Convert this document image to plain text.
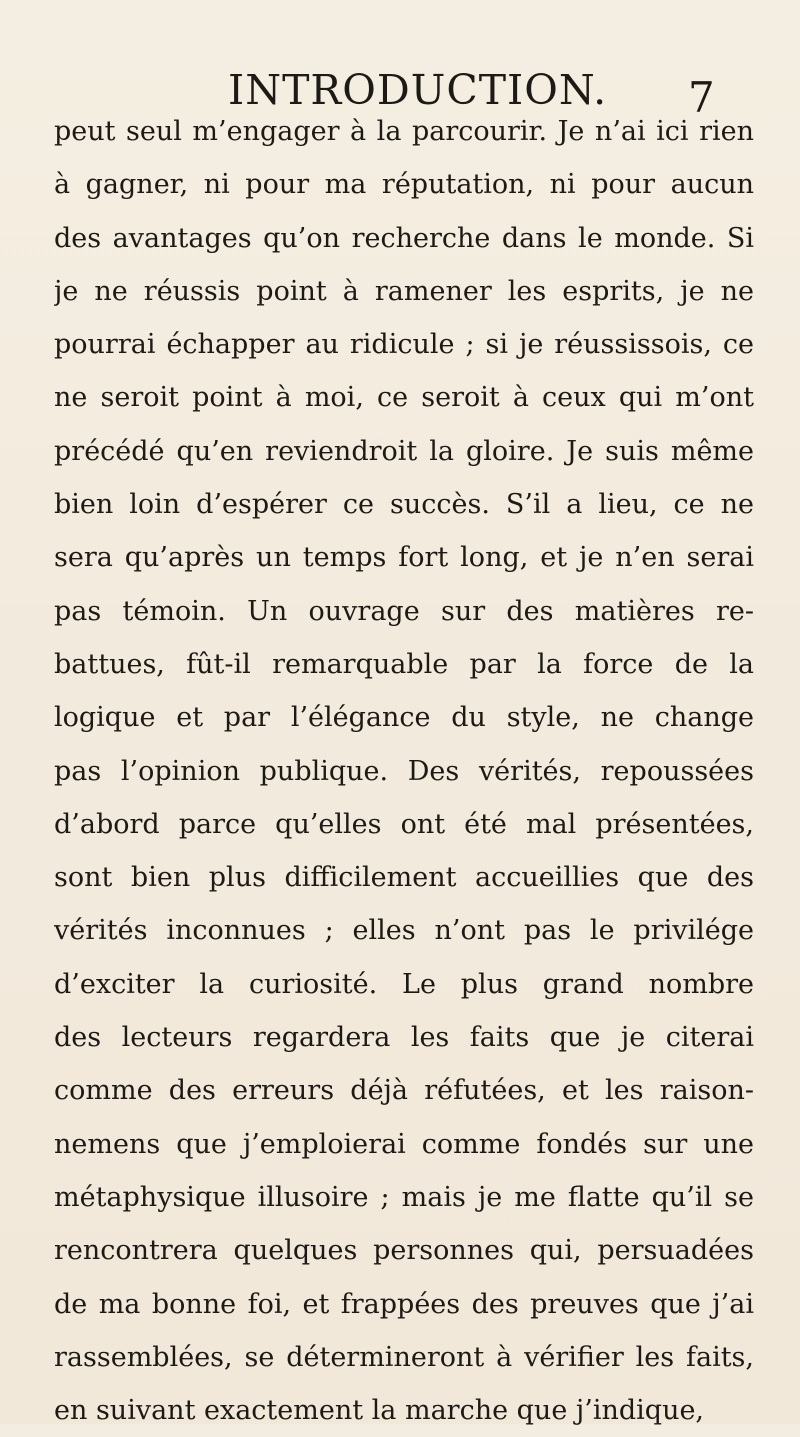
INTRODUCTION. 7
peut seul m’engager à la parcourir. Je n’ai ici rien
à gagner, ni pour ma réputation, ni pour aucun
des avantages qu’on recherche dans le monde. Si
je ne réussis point à ramener les esprits, je ne
pourrai échapper au ridicule ; si je réussissois, ce
ne seroit point à moi, ce seroit à ceux qui m’ont
précédé qu’en reviendroit la gloire. Je suis même
bien loin d’espérer ce succès. S’il a lieu, ce ne
sera qu’après un temps fort long, et je n’en serai
pas témoin. Un ouvrage sur des matières re-
battues, fût-il remarquable par la force de la
logique et par l’élégance du style, ne change
pas l’opinion publique. Des vérités, repoussées
d’abord parce qu’elles ont été mal présentées,
sont bien plus difficilement accueillies que des
vérités inconnues ; elles n’ont pas le privilége
d’exciter la curiosité. Le plus grand nombre
des lecteurs regardera les faits que je citerai
comme des erreurs déjà réfutées, et les raison-
nemens que j’emploierai comme fondés sur une
métaphysique illusoire ; mais je me flatte qu’il se
rencontrera quelques personnes qui, persuadées
de ma bonne foi, et frappées des preuves que j’ai
rassemblées, se détermineront à vérifier les faits,
en suivant exactement la marche que j’indique,
